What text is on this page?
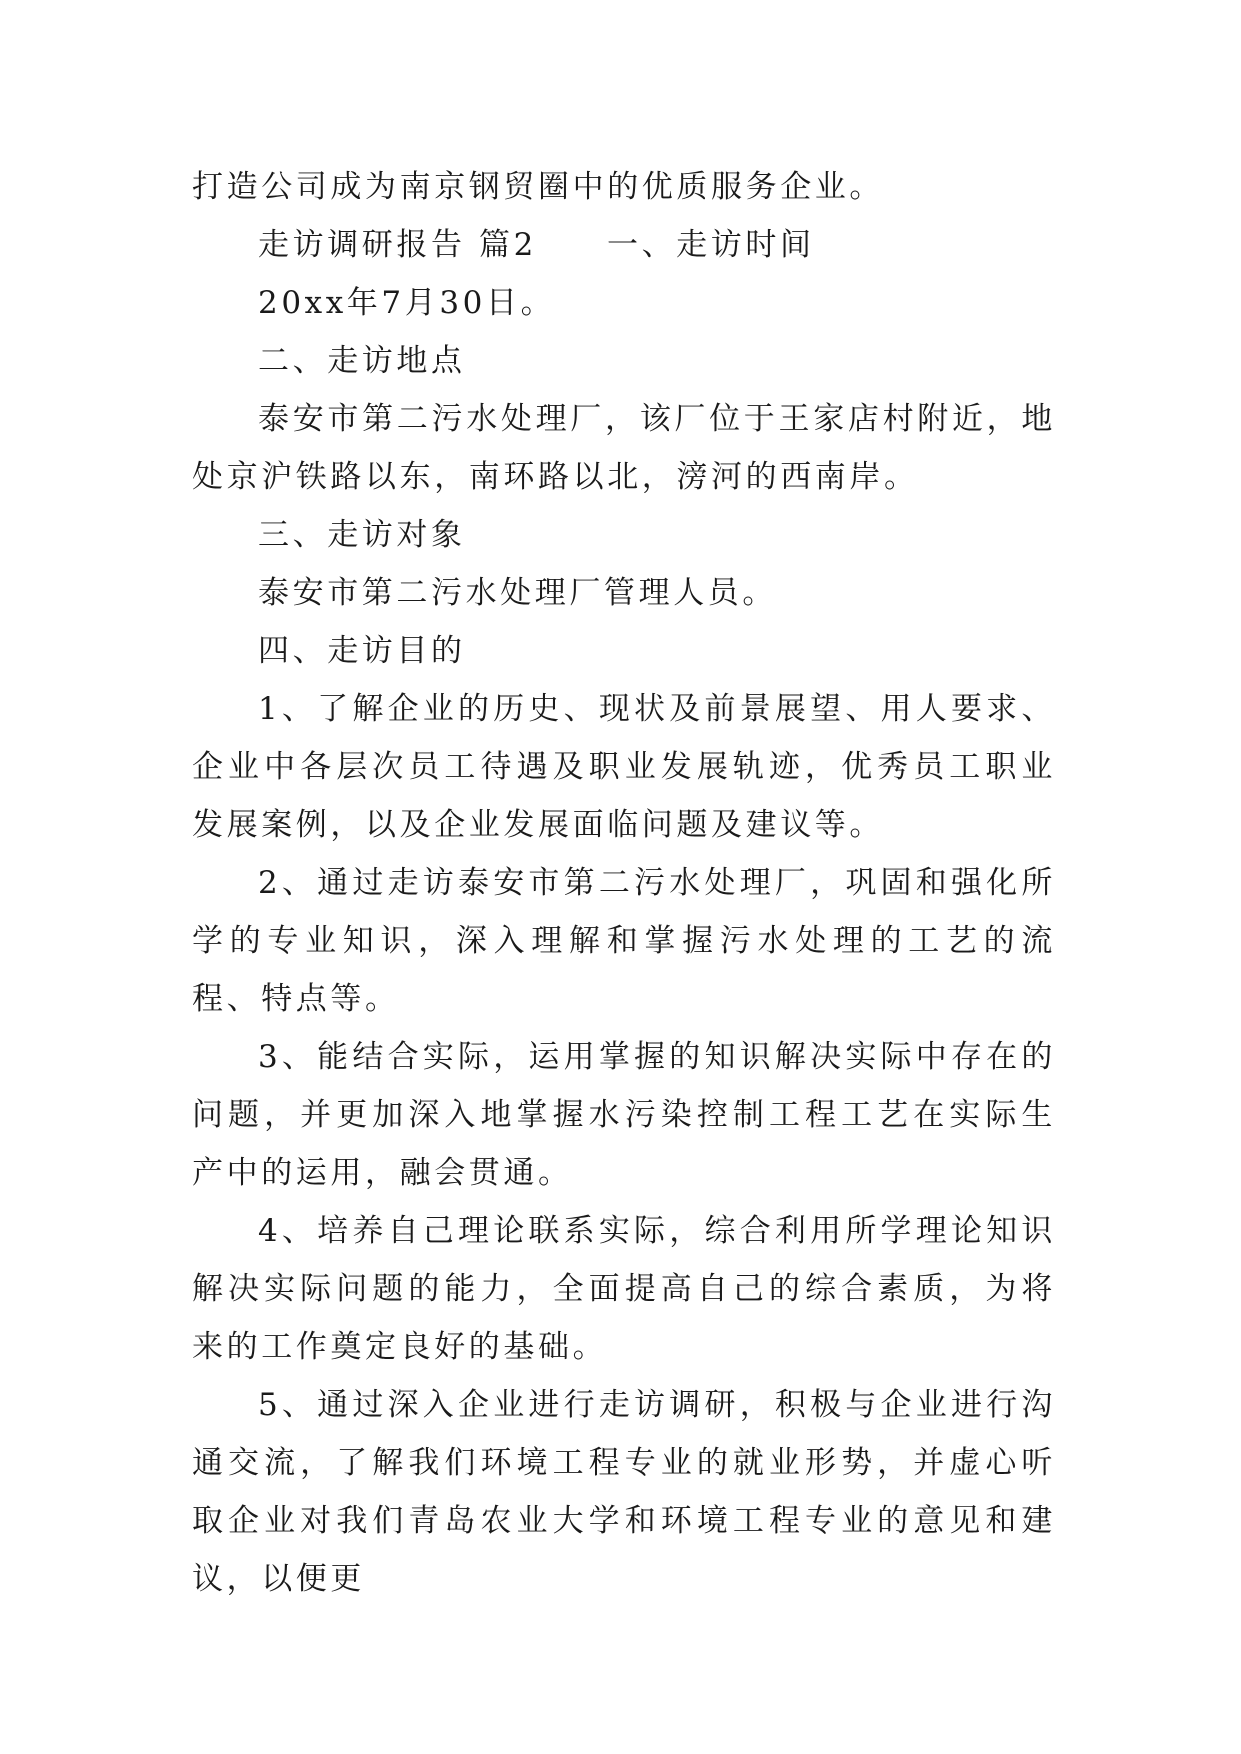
打造公司成为南京钢贸圈中的优质服务企业。
走访调研报告 篇2 一、走访时间
20xx年7月30日。
二、走访地点

泰安市第二污水处理厂，该厂位于王家店村附近，地处京沪铁路以东，南环路以北，滂河的西南岸。

三、走访对象

泰安市第二污水处理厂管理人员。

四、走访目的

1、了解企业的历史、现状及前景展望、用人要求、企业中各层次员工待遇及职业发展轨迹，优秀员工职业发展案例，以及企业发展面临问题及建议等。

2、通过走访泰安市第二污水处理厂，巩固和强化所学的专业知识，深入理解和掌握污水处理的工艺的流程、特点等。

3、能结合实际，运用掌握的知识解决实际中存在的问题，并更加深入地掌握水污染控制工程工艺在实际生产中的运用，融会贯通。

4、培养自己理论联系实际，综合利用所学理论知识解决实际问题的能力，全面提高自己的综合素质，为将来的工作奠定良好的基础。

5、通过深入企业进行走访调研，积极与企业进行沟通交流，了解我们环境工程专业的就业形势，并虚心听取企业对我们青岛农业大学和环境工程专业的意见和建议，以便更
